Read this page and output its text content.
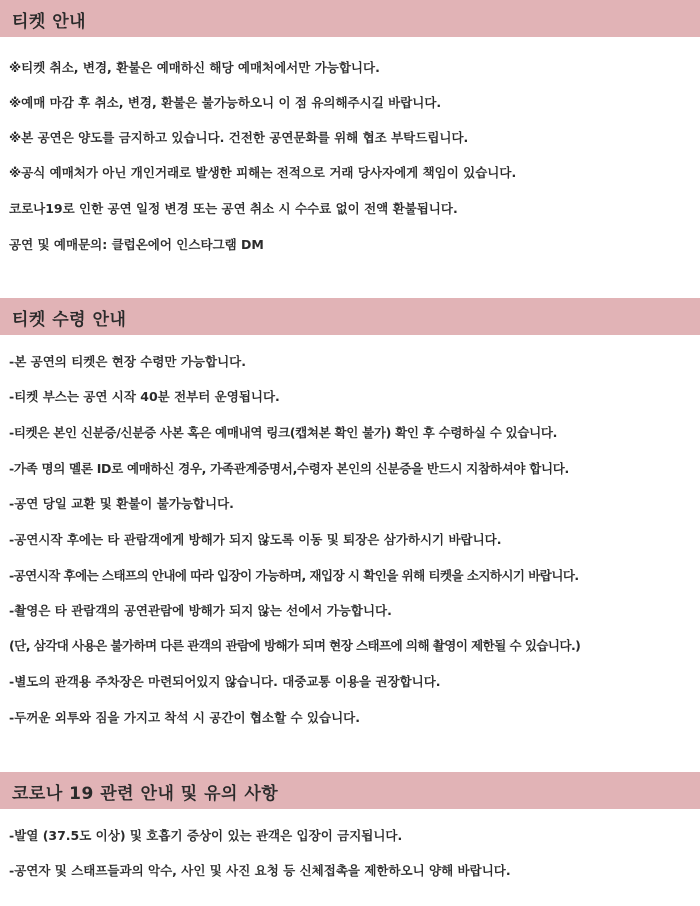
티켓 안내
※티켓 취소, 변경, 환불은 예매하신 해당 예매처에서만 가능합니다.
※예매 마감 후 취소, 변경, 환불은 불가능하오니 이 점 유의해주시길 바랍니다.
※본 공연은 양도를 금지하고 있습니다. 건전한 공연문화를 위해 협조 부탁드립니다.
※공식 예매처가 아닌 개인거래로 발생한 피해는 전적으로 거래 당사자에게 책임이 있습니다.
코로나19로 인한 공연 일정 변경 또는 공연 취소 시 수수료 없이 전액 환불됩니다.
공연 및 예매문의: 클럽온에어 인스타그램 DM
티켓 수령 안내
-본 공연의 티켓은 현장 수령만 가능합니다.
-티켓 부스는 공연 시작 40분 전부터 운영됩니다.
-티켓은 본인 신분증/신분증 사본 혹은 예매내역 링크(캡쳐본 확인 불가) 확인 후 수령하실 수 있습니다.
-가족 명의 멜론 ID로 예매하신 경우, 가족관계증명서,수령자 본인의 신분증을 반드시 지참하셔야 합니다.
-공연 당일 교환 및 환불이 불가능합니다.
-공연시작 후에는 타 관람객에게 방해가 되지 않도록 이동 및 퇴장은 삼가하시기 바랍니다.
-공연시작 후에는 스태프의 안내에 따라 입장이 가능하며, 재입장 시 확인을 위해 티켓을 소지하시기 바랍니다.
-촬영은 타 관람객의 공연관람에 방해가 되지 않는 선에서 가능합니다.
(단, 삼각대 사용은 불가하며 다른 관객의 관람에 방해가 되며 현장 스태프에 의해 촬영이 제한될 수 있습니다.)
-별도의 관객용 주차장은 마련되어있지 않습니다. 대중교통 이용을 권장합니다.
-두꺼운 외투와 짐을 가지고 착석 시 공간이 협소할 수 있습니다.
코로나 19 관련 안내 및 유의 사항
-발열 (37.5도 이상) 및 호흡기 증상이 있는 관객은 입장이 금지됩니다.
-공연자 및 스태프들과의 악수, 사인 및 사진 요청 등 신체접촉을 제한하오니 양해 바랍니다.
